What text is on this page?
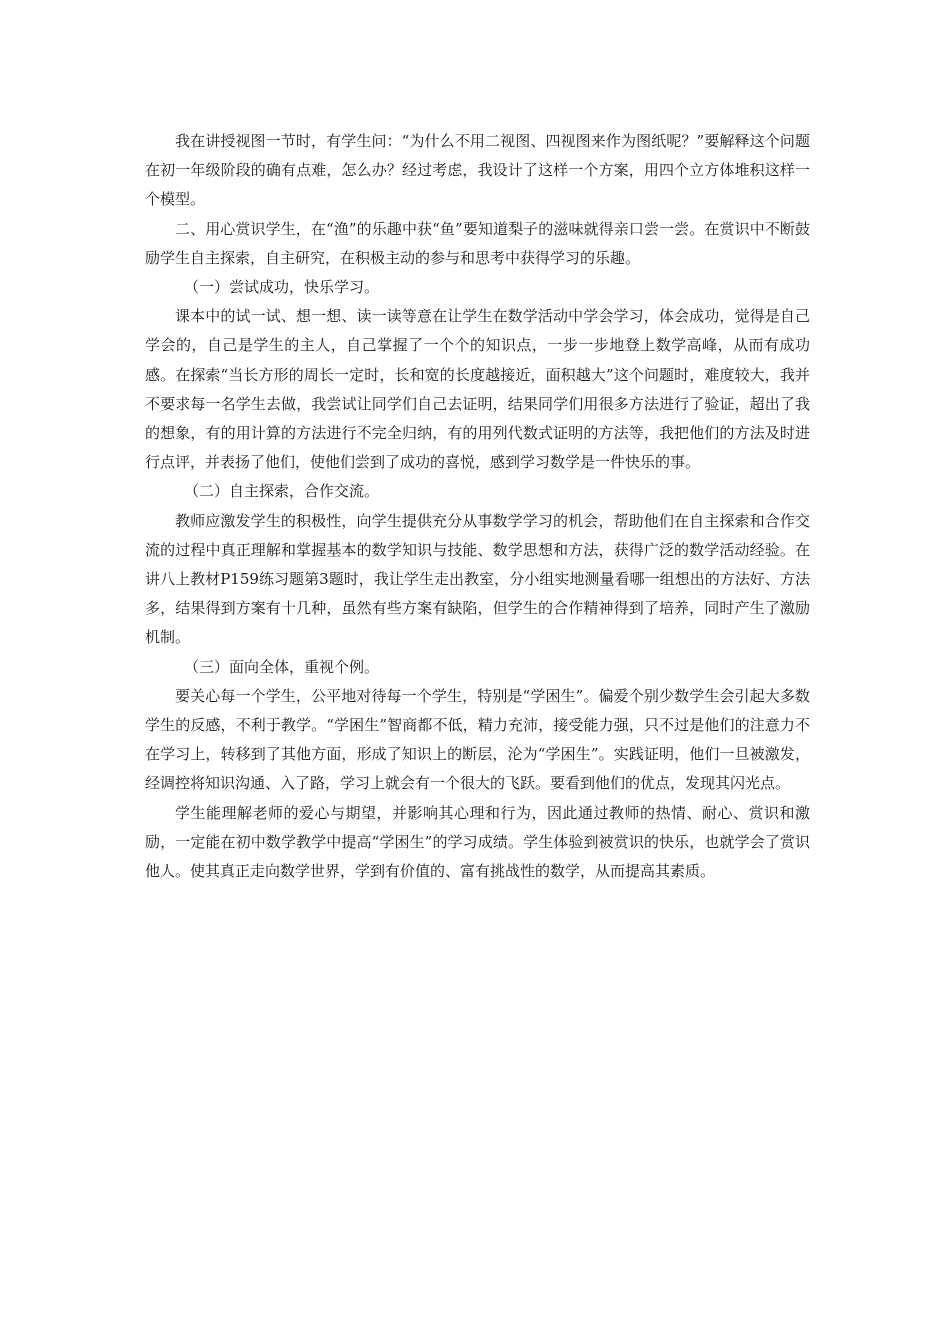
我在讲授视图一节时，有学生问：“为什么不用二视图、四视图来作为图纸呢？”要解释这个问题在初一年级阶段的确有点难，怎么办？经过考虑，我设计了这样一个方案，用四个立方体堆积这样一个模型。

二、用心赏识学生，在“渔”的乐趣中获“鱼”要知道梨子的滋味就得亲口尝一尝。在赏识中不断鼓励学生自主探索，自主研究，在积极主动的参与和思考中获得学习的乐趣。

（一）尝试成功，快乐学习。

课本中的试一试、想一想、读一读等意在让学生在数学活动中学会学习，体会成功，觉得是自己学会的，自己是学生的主人，自己掌握了一个个的知识点，一步一步地登上数学高峰，从而有成功感。在探索“当长方形的周长一定时，长和宽的长度越接近，面积越大”这个问题时，难度较大，我并不要求每一名学生去做，我尝试让同学们自己去证明，结果同学们用很多方法进行了验证，超出了我的想象，有的用计算的方法进行不完全归纳，有的用列代数式证明的方法等，我把他们的方法及时进行点评，并表扬了他们，使他们尝到了成功的喜悦，感到学习数学是一件快乐的事。

（二）自主探索，合作交流。

教师应激发学生的积极性，向学生提供充分从事数学学习的机会，帮助他们在自主探索和合作交流的过程中真正理解和掌握基本的数学知识与技能、数学思想和方法，获得广泛的数学活动经验。在讲八上教材P159练习题第3题时，我让学生走出教室，分小组实地测量看哪一组想出的方法好、方法多，结果得到方案有十几种，虽然有些方案有缺陷，但学生的合作精神得到了培养，同时产生了激励机制。

（三）面向全体，重视个例。

要关心每一个学生，公平地对待每一个学生，特别是“学困生”。偏爱个别少数学生会引起大多数学生的反感，不利于教学。“学困生”智商都不低，精力充沛，接受能力强，只不过是他们的注意力不在学习上，转移到了其他方面，形成了知识上的断层，沦为“学困生”。实践证明，他们一旦被激发，经调控将知识沟通、入了路，学习上就会有一个很大的飞跃。要看到他们的优点，发现其闪光点。

学生能理解老师的爱心与期望，并影响其心理和行为，因此通过教师的热情、耐心、赏识和激励，一定能在初中数学教学中提高“学困生”的学习成绩。学生体验到被赏识的快乐，也就学会了赏识他人。使其真正走向数学世界，学到有价值的、富有挑战性的数学，从而提高其素质。
